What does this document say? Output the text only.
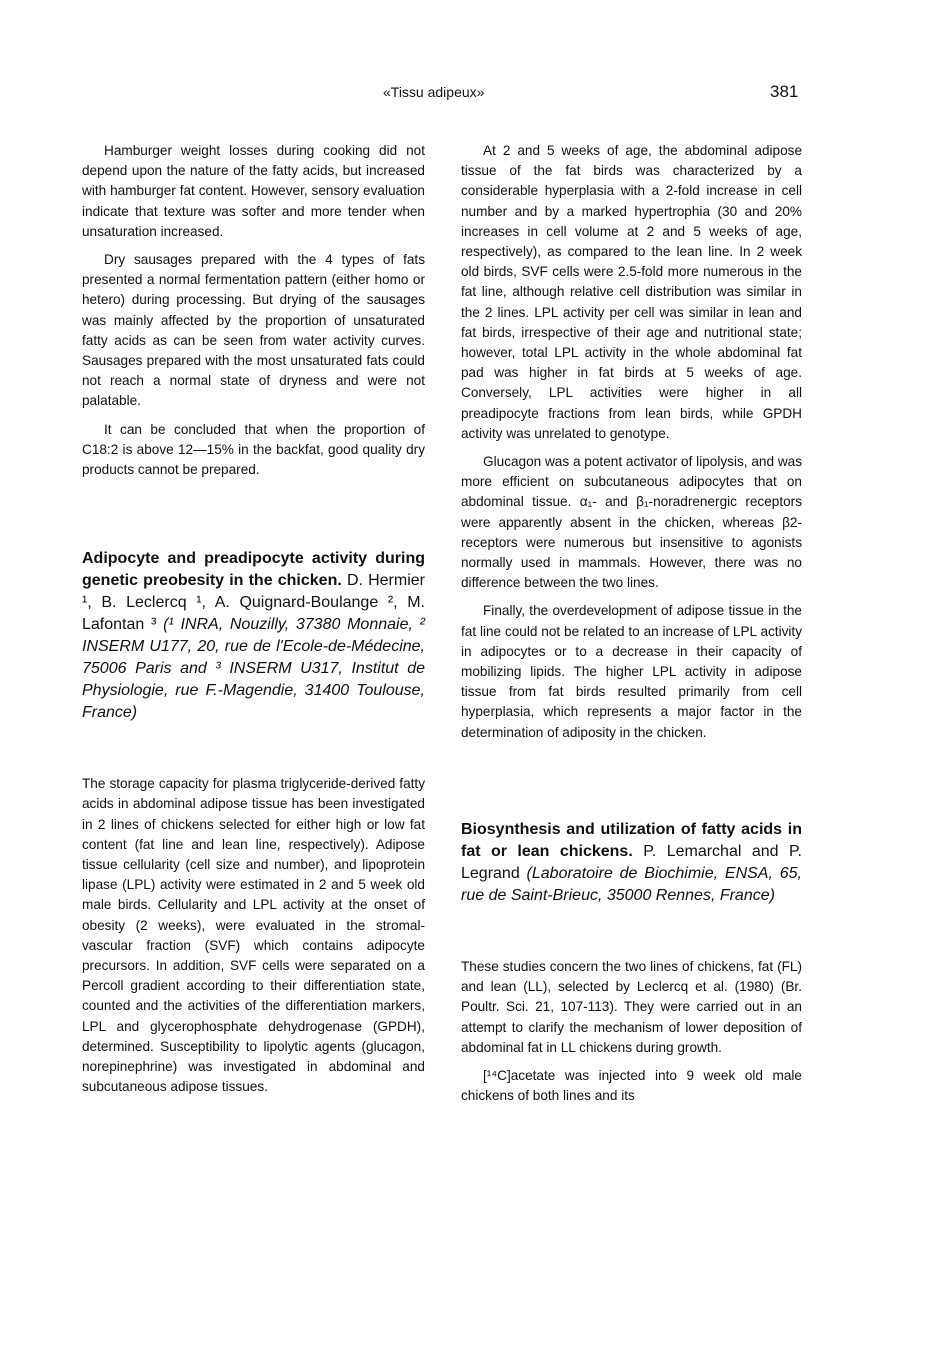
«Tissu adipeux»	381

Hamburger weight losses during cooking did not depend upon the nature of the fatty acids, but increased with hamburger fat content. However, sensory evaluation indicate that texture was softer and more tender when unsaturation increased.

Dry sausages prepared with the 4 types of fats presented a normal fermentation pattern (either homo or hetero) during processing. But drying of the sausages was mainly affected by the proportion of unsaturated fatty acids as can be seen from water activity curves. Sausages prepared with the most unsaturated fats could not reach a normal state of dryness and were not palatable.

It can be concluded that when the proportion of C18:2 is above 12—15% in the backfat, good quality dry products cannot be prepared.

Adipocyte and preadipocyte activity during genetic preobesity in the chicken. D. Hermier ¹, B. Leclercq ¹, A. Quignard-Boulange ², M. Lafontan ³ (¹ INRA, Nouzilly, 37380 Monnaie, ² INSERM U177, 20, rue de l'Ecole-de-Médecine, 75006 Paris and ³ INSERM U317, Institut de Physiologie, rue F.-Magendie, 31400 Toulouse, France)

The storage capacity for plasma triglyceride-derived fatty acids in abdominal adipose tissue has been investigated in 2 lines of chickens selected for either high or low fat content (fat line and lean line, respectively). Adipose tissue cellularity (cell size and number), and lipoprotein lipase (LPL) activity were estimated in 2 and 5 week old male birds. Cellularity and LPL activity at the onset of obesity (2 weeks), were evaluated in the stromal-vascular fraction (SVF) which contains adipocyte precursors. In addition, SVF cells were separated on a Percoll gradient according to their differentiation state, counted and the activities of the differentiation markers, LPL and glycerophosphate dehydrogenase (GPDH), determined. Susceptibility to lipolytic agents (glucagon, norepinephrine) was investigated in abdominal and subcutaneous adipose tissues.

At 2 and 5 weeks of age, the abdominal adipose tissue of the fat birds was characterized by a considerable hyperplasia with a 2-fold increase in cell number and by a marked hypertrophia (30 and 20% increases in cell volume at 2 and 5 weeks of age, respectively), as compared to the lean line. In 2 week old birds, SVF cells were 2.5-fold more numerous in the fat line, although relative cell distribution was similar in the 2 lines. LPL activity per cell was similar in lean and fat birds, irrespective of their age and nutritional state; however, total LPL activity in the whole abdominal fat pad was higher in fat birds at 5 weeks of age. Conversely, LPL activities were higher in all preadipocyte fractions from lean birds, while GPDH activity was unrelated to genotype.

Glucagon was a potent activator of lipolysis, and was more efficient on subcutaneous adipocytes that on abdominal tissue. α₁- and β₁-noradrenergic receptors were apparently absent in the chicken, whereas β2-receptors were numerous but insensitive to agonists normally used in mammals. However, there was no difference between the two lines.

Finally, the overdevelopment of adipose tissue in the fat line could not be related to an increase of LPL activity in adipocytes or to a decrease in their capacity of mobilizing lipids. The higher LPL activity in adipose tissue from fat birds resulted primarily from cell hyperplasia, which represents a major factor in the determination of adiposity in the chicken.

Biosynthesis and utilization of fatty acids in fat or lean chickens. P. Lemarchal and P. Legrand (Laboratoire de Biochimie, ENSA, 65, rue de Saint-Brieuc, 35000 Rennes, France)

These studies concern the two lines of chickens, fat (FL) and lean (LL), selected by Leclercq et al. (1980) (Br. Poultr. Sci. 21, 107-113). They were carried out in an attempt to clarify the mechanism of lower deposition of abdominal fat in LL chickens during growth.

[¹⁴C]acetate was injected into 9 week old male chickens of both lines and its
